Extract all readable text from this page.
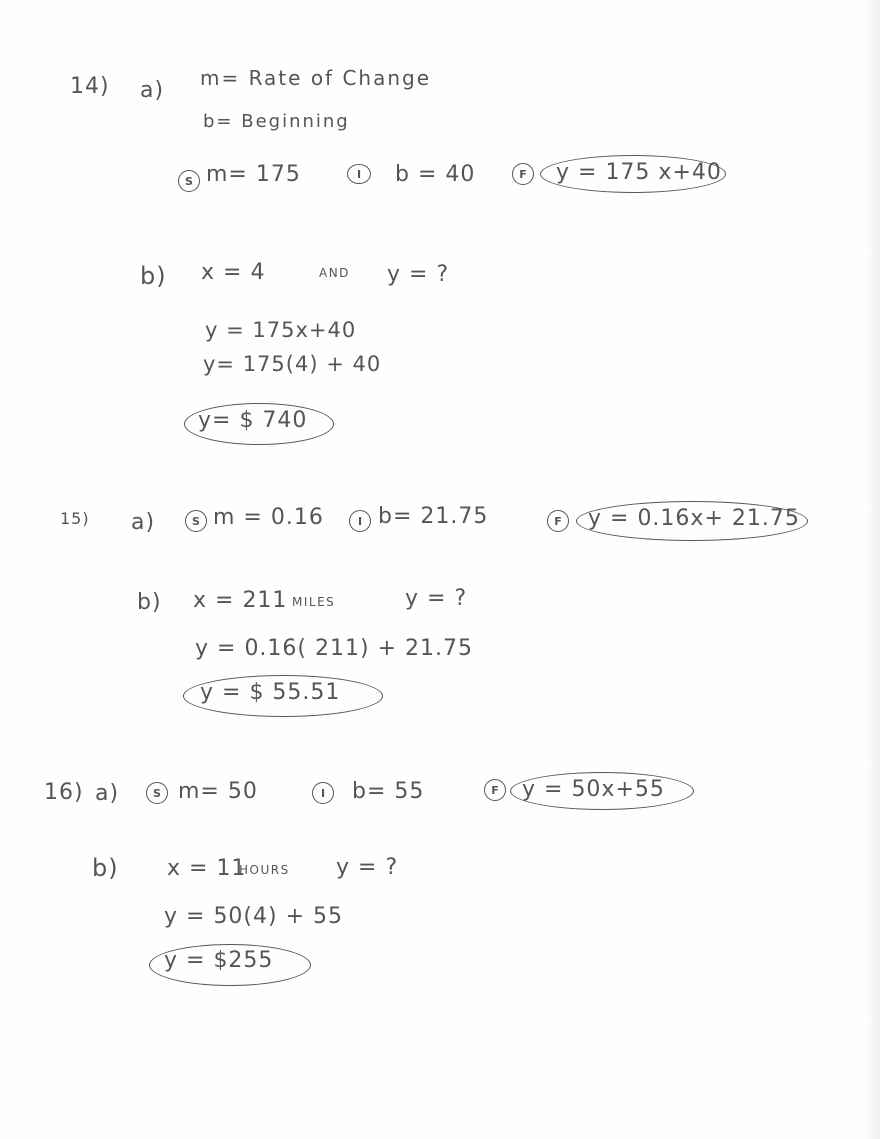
14) a) m= Rate of Change
b= Beginning
S m= 175	I	b = 40	F	y = 175 x+40
b) x = 4	AND y = ?
y = 175x+40
y= 175(4) + 40
y= $ 740
15) a)	S m = 0.16	I b= 21.75	F	y = 0.16x+ 21.75
b) x = 211 MILES	y = ?
y = 0.16( 211) + 21.75
y = $ 55.51
16) a)	S m= 50	I	b= 55	F	y = 50x+55
b) x = 11
HOURS y = ?
y = 50(4) + 55
y = $255
